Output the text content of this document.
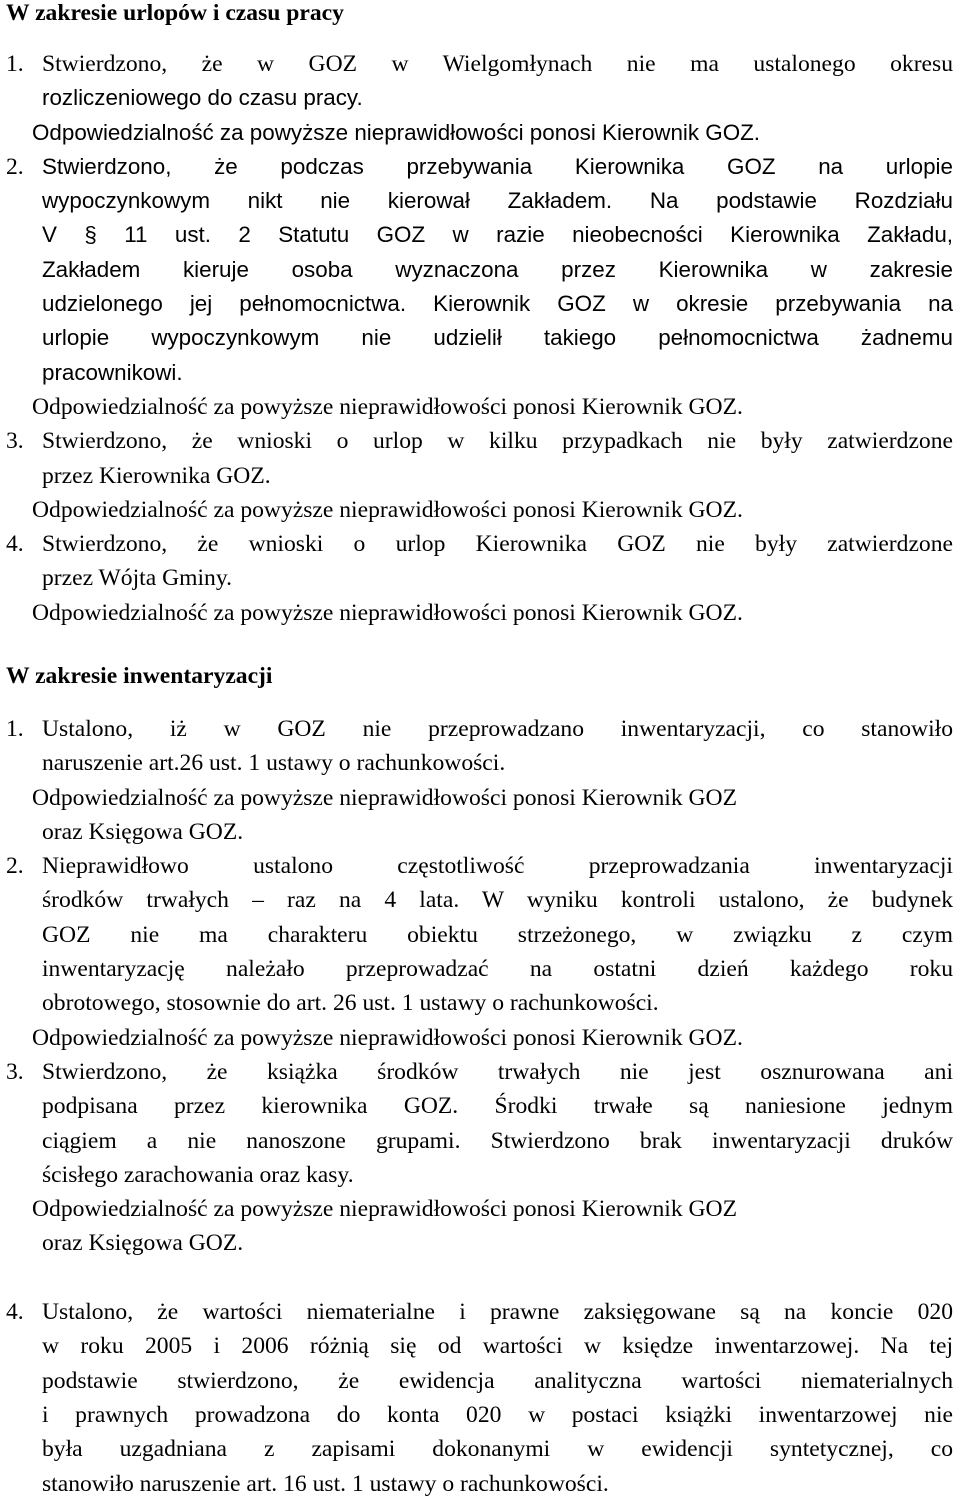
W zakresie urlopów i czasu pracy
1. Stwierdzono, że w GOZ w Wielgomłynach nie ma ustalonego okresu
rozliczeniowego do czasu pracy.
Odpowiedzialność za powyższe nieprawidłowości ponosi Kierownik GOZ.
2. Stwierdzono, że podczas przebywania Kierownika GOZ na urlopie
wypoczynkowym nikt nie kierował Zakładem. Na podstawie Rozdziału
V § 11 ust. 2 Statutu GOZ w razie nieobecności Kierownika Zakładu,
Zakładem kieruje osoba wyznaczona przez Kierownika w zakresie
udzielonego jej pełnomocnictwa. Kierownik GOZ w okresie przebywania na
urlopie wypoczynkowym nie udzielił takiego pełnomocnictwa żadnemu
pracownikowi.
Odpowiedzialność za powyższe nieprawidłowości ponosi Kierownik GOZ.
3. Stwierdzono, że wnioski o urlop w kilku przypadkach nie były zatwierdzone
przez Kierownika GOZ.
Odpowiedzialność za powyższe nieprawidłowości ponosi Kierownik GOZ.
4. Stwierdzono, że wnioski o urlop Kierownika GOZ nie były zatwierdzone
przez Wójta Gminy.
Odpowiedzialność za powyższe nieprawidłowości ponosi Kierownik GOZ.
W zakresie inwentaryzacji
1. Ustalono, iż w GOZ nie przeprowadzano inwentaryzacji, co stanowiło
naruszenie art.26 ust. 1 ustawy o rachunkowości.
Odpowiedzialność za powyższe nieprawidłowości ponosi Kierownik GOZ
oraz Księgowa GOZ.
2. Nieprawidłowo ustalono częstotliwość przeprowadzania inwentaryzacji
środków trwałych – raz na 4 lata. W wyniku kontroli ustalono, że budynek
GOZ nie ma charakteru obiektu strzeżonego, w związku z czym
inwentaryzację należało przeprowadzać na ostatni dzień każdego roku
obrotowego, stosownie do art. 26 ust. 1 ustawy o rachunkowości.
Odpowiedzialność za powyższe nieprawidłowości ponosi Kierownik GOZ.
3. Stwierdzono, że książka środków trwałych nie jest osznurowana ani
podpisana przez kierownika GOZ. Środki trwałe są naniesione jednym
ciągiem a nie nanoszone grupami. Stwierdzono brak inwentaryzacji druków
ścisłego zarachowania oraz kasy.
Odpowiedzialność za powyższe nieprawidłowości ponosi Kierownik GOZ
oraz Księgowa GOZ.
4. Ustalono, że wartości niematerialne i prawne zaksięgowane są na koncie 020
w roku 2005 i 2006 różnią się od wartości w księdze inwentarzowej. Na tej
podstawie stwierdzono, że ewidencja analityczna wartości niematerialnych
i prawnych prowadzona do konta 020 w postaci książki inwentarzowej nie
była uzgadniana z zapisami dokonanymi w ewidencji syntetycznej, co
stanowiło naruszenie art. 16 ust. 1 ustawy o rachunkowości.
